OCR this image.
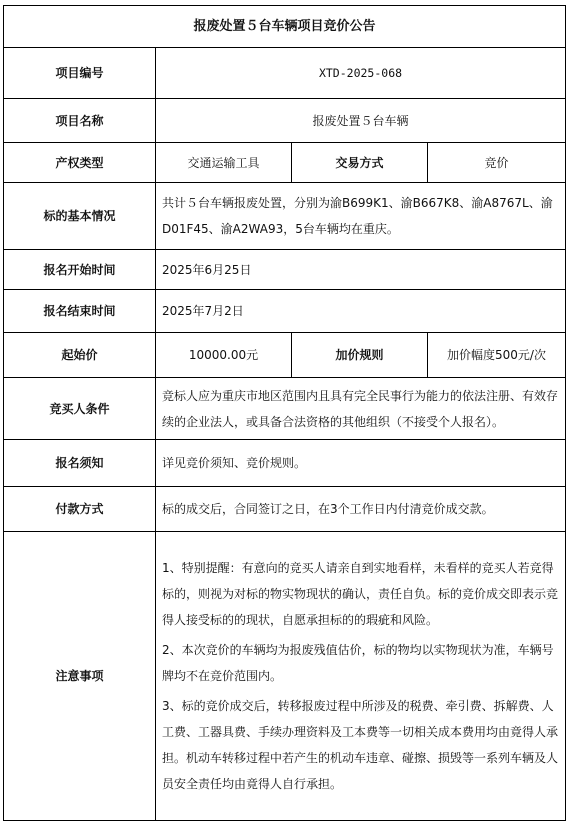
报废处置５台车辆项目竞价公告			
项目编号	XTD-2025-068		
项目名称	报废处置５台车辆		
产权类型	交通运输工具	交易方式	竞价
标的基本情况	共计５台车辆报废处置，分别为渝B699K1、渝B667K8、渝A8767L、渝D01F45、渝A2WA93，5台车辆均在重庆。		
报名开始时间	2025年6月25日		
报名结束时间	2025年7月2日		
起始价	10000.00元	加价规则	加价幅度500元/次
竞买人条件	竞标人应为重庆市地区范围内且具有完全民事行为能力的依法注册、有效存续的企业法人，或具备合法资格的其他组织（不接受个人报名）。		
报名须知	详见竞价须知、竞价规则。		
付款方式	标的成交后，合同签订之日，在3个工作日内付清竞价成交款。		
注意事项	1、特别提醒：有意向的竞买人请亲自到实地看样，未看样的竞买人若竞得标的，则视为对标的物实物现状的确认，责任自负。标的竞价成交即表示竞得人接受标的的现状，自愿承担标的的瑕疵和风险。

2、本次竞价的车辆均为报废残值估价，标的物均以实物现状为准，车辆号牌均不在竞价范围内。

3、标的竞价成交后，转移报废过程中所涉及的税费、牵引费、拆解费、人工费、工器具费、手续办理资料及工本费等一切相关成本费用均由竟得人承担。机动车转移过程中若产生的机动车违章、碰擦、损毁等一系列车辆及人员安全责任均由竟得人自行承担。		
